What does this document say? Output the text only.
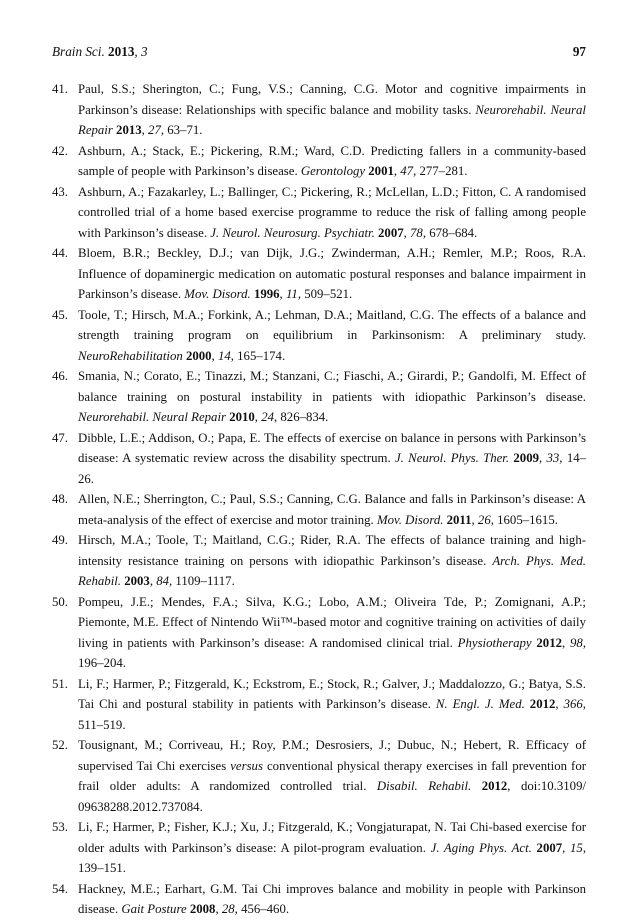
Brain Sci. 2013, 3	97

41. Paul, S.S.; Sherington, C.; Fung, V.S.; Canning, C.G. Motor and cognitive impairments in Parkinson’s disease: Relationships with specific balance and mobility tasks. Neurorehabil. Neural Repair 2013, 27, 63–71.

42. Ashburn, A.; Stack, E.; Pickering, R.M.; Ward, C.D. Predicting fallers in a community-based sample of people with Parkinson’s disease. Gerontology 2001, 47, 277–281.

43. Ashburn, A.; Fazakarley, L.; Ballinger, C.; Pickering, R.; McLellan, L.D.; Fitton, C. A randomised controlled trial of a home based exercise programme to reduce the risk of falling among people with Parkinson’s disease. J. Neurol. Neurosurg. Psychiatr. 2007, 78, 678–684.

44. Bloem, B.R.; Beckley, D.J.; van Dijk, J.G.; Zwinderman, A.H.; Remler, M.P.; Roos, R.A. Influence of dopaminergic medication on automatic postural responses and balance impairment in Parkinson’s disease. Mov. Disord. 1996, 11, 509–521.

45. Toole, T.; Hirsch, M.A.; Forkink, A.; Lehman, D.A.; Maitland, C.G. The effects of a balance and strength training program on equilibrium in Parkinsonism: A preliminary study. NeuroRehabilitation 2000, 14, 165–174.

46. Smania, N.; Corato, E.; Tinazzi, M.; Stanzani, C.; Fiaschi, A.; Girardi, P.; Gandolfi, M. Effect of balance training on postural instability in patients with idiopathic Parkinson’s disease. Neurorehabil. Neural Repair 2010, 24, 826–834.

47. Dibble, L.E.; Addison, O.; Papa, E. The effects of exercise on balance in persons with Parkinson’s disease: A systematic review across the disability spectrum. J. Neurol. Phys. Ther. 2009, 33, 14–26.

48. Allen, N.E.; Sherrington, C.; Paul, S.S.; Canning, C.G. Balance and falls in Parkinson’s disease: A meta-analysis of the effect of exercise and motor training. Mov. Disord. 2011, 26, 1605–1615.

49. Hirsch, M.A.; Toole, T.; Maitland, C.G.; Rider, R.A. The effects of balance training and high-intensity resistance training on persons with idiopathic Parkinson’s disease. Arch. Phys. Med. Rehabil. 2003, 84, 1109–1117.

50. Pompeu, J.E.; Mendes, F.A.; Silva, K.G.; Lobo, A.M.; Oliveira Tde, P.; Zomignani, A.P.; Piemonte, M.E. Effect of Nintendo Wii™-based motor and cognitive training on activities of daily living in patients with Parkinson’s disease: A randomised clinical trial. Physiotherapy 2012, 98, 196–204.

51. Li, F.; Harmer, P.; Fitzgerald, K.; Eckstrom, E.; Stock, R.; Galver, J.; Maddalozzo, G.; Batya, S.S. Tai Chi and postural stability in patients with Parkinson’s disease. N. Engl. J. Med. 2012, 366, 511–519.

52. Tousignant, M.; Corriveau, H.; Roy, P.M.; Desrosiers, J.; Dubuc, N.; Hebert, R. Efficacy of supervised Tai Chi exercises versus conventional physical therapy exercises in fall prevention for frail older adults: A randomized controlled trial. Disabil. Rehabil. 2012, doi:10.3109/ 09638288.2012.737084.

53. Li, F.; Harmer, P.; Fisher, K.J.; Xu, J.; Fitzgerald, K.; Vongjaturapat, N. Tai Chi-based exercise for older adults with Parkinson’s disease: A pilot-program evaluation. J. Aging Phys. Act. 2007, 15, 139–151.

54. Hackney, M.E.; Earhart, G.M. Tai Chi improves balance and mobility in people with Parkinson disease. Gait Posture 2008, 28, 456–460.
